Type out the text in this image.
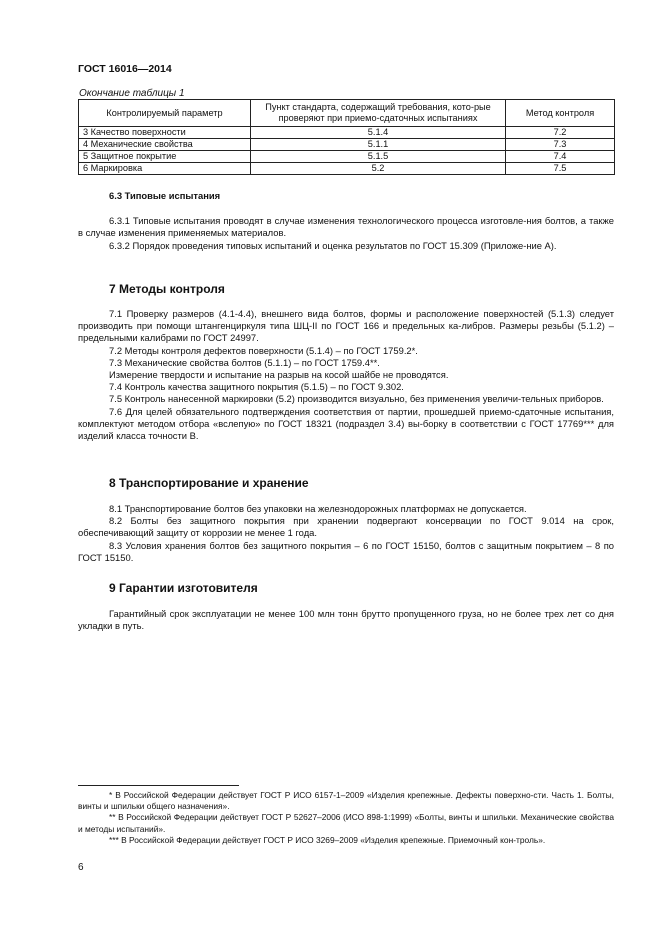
ГОСТ 16016—2014
Окончание таблицы 1
Контролируемый параметр	Пункт стандарта, содержащий требования, кото-рые проверяют при приемо-сдаточных испытаниях	Метод контроля
3 Качество поверхности	5.1.4	7.2
4 Механические свойства	5.1.1	7.3
5 Защитное покрытие	5.1.5	7.4
6 Маркировка	5.2	7.5

6.3 Типовые испытания

6.3.1 Типовые испытания проводят в случае изменения технологического процесса изготовле-ния болтов, а также в случае изменения применяемых материалов.

6.3.2 Порядок проведения типовых испытаний и оценка результатов по ГОСТ 15.309 (Приложе-ние А).

7 Методы контроля

7.1 Проверку размеров (4.1-4.4), внешнего вида болтов, формы и расположение поверхностей (5.1.3) следует производить при помощи штангенциркуля типа ШЦ-II по ГОСТ 166 и предельных ка-либров. Размеры резьбы (5.1.2) – предельными калибрами по ГОСТ 24997.

7.2 Методы контроля дефектов поверхности (5.1.4) – по ГОСТ 1759.2*.

7.3 Механические свойства болтов (5.1.1) – по ГОСТ 1759.4**.

Измерение твердости и испытание на разрыв на косой шайбе не проводятся.

7.4 Контроль качества защитного покрытия (5.1.5) – по ГОСТ 9.302.

7.5 Контроль нанесенной маркировки (5.2) производится визуально, без применения увеличи-тельных приборов.

7.6 Для целей обязательного подтверждения соответствия от партии, прошедшей приемо-сдаточные испытания, комплектуют методом отбора «вслепую» по ГОСТ 18321 (подраздел 3.4) вы-борку в соответствии с ГОСТ 17769*** для изделий класса точности В.

8 Транспортирование и хранение

8.1 Транспортирование болтов без упаковки на железнодорожных платформах не допускается.

8.2 Болты без защитного покрытия при хранении подвергают консервации по ГОСТ 9.014 на срок, обеспечивающий защиту от коррозии не менее 1 года.

8.3 Условия хранения болтов без защитного покрытия – 6 по ГОСТ 15150, болтов с защитным покрытием – 8 по ГОСТ 15150.

9 Гарантии изготовителя

Гарантийный срок эксплуатации не менее 100 млн тонн брутто пропущенного груза, но не более трех лет со дня укладки в путь.

* В Российской Федерации действует ГОСТ Р ИСО 6157-1–2009 «Изделия крепежные. Дефекты поверхно-сти. Часть 1. Болты, винты и шпильки общего назначения».

** В Российской Федерации действует ГОСТ Р 52627–2006 (ИСО 898-1:1999) «Болты, винты и шпильки. Механические свойства и методы испытаний».

*** В Российской Федерации действует ГОСТ Р ИСО 3269–2009 «Изделия крепежные. Приемочный кон-троль».

6
